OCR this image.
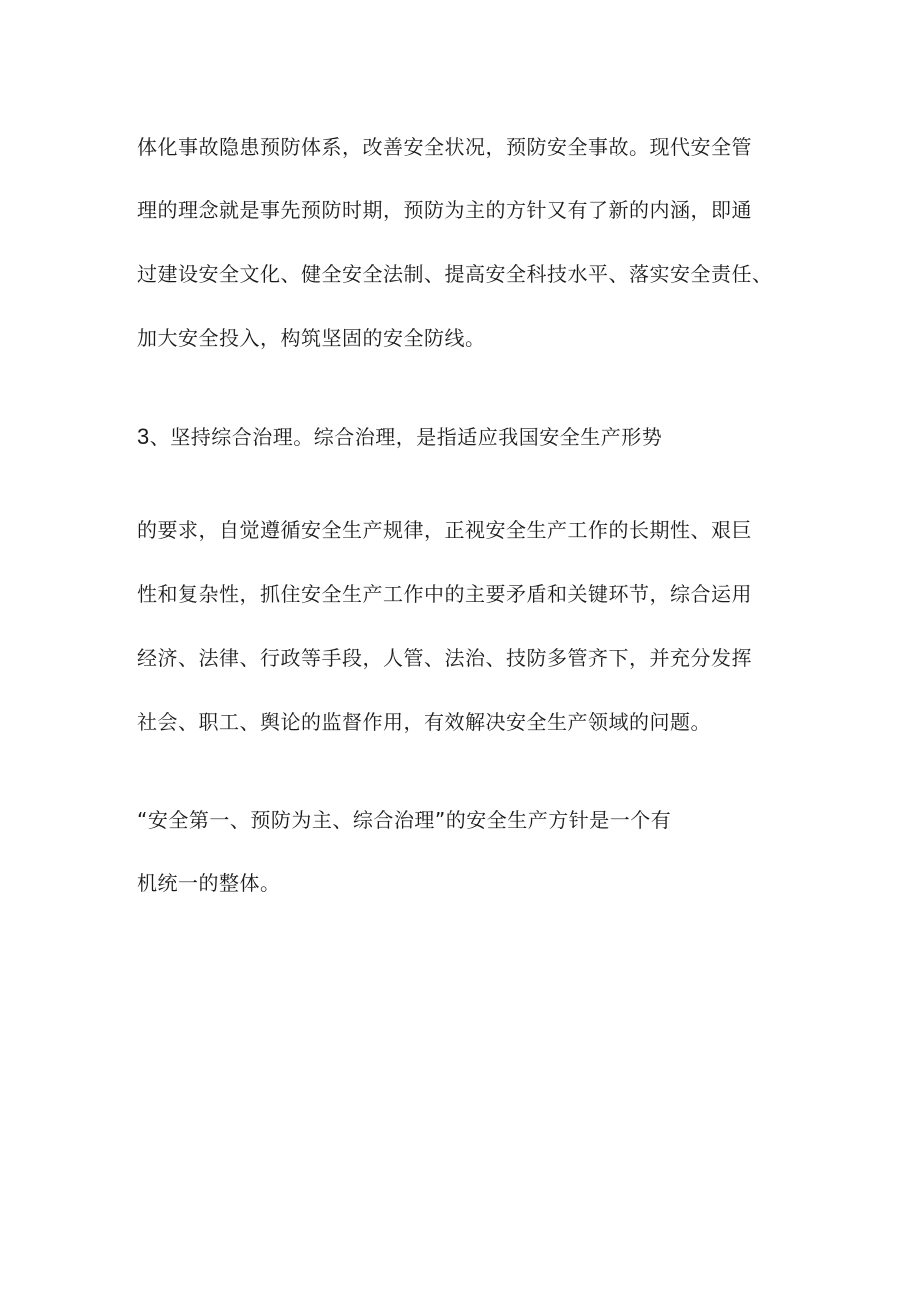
体化事故隐患预防体系，改善安全状况，预防安全事故。现代安全管
理的理念就是事先预防时期，预防为主的方针又有了新的内涵，即通
过建设安全文化、健全安全法制、提高安全科技水平、落实安全责任、
加大安全投入，构筑坚固的安全防线。
3、坚持综合治理。综合治理，是指适应我国安全生产形势
的要求，自觉遵循安全生产规律，正视安全生产工作的长期性、艰巨
性和复杂性，抓住安全生产工作中的主要矛盾和关键环节，综合运用
经济、法律、行政等手段，人管、法治、技防多管齐下，并充分发挥
社会、职工、舆论的监督作用，有效解决安全生产领域的问题。
“安全第一、预防为主、综合治理”的安全生产方针是一个有
机统一的整体。
